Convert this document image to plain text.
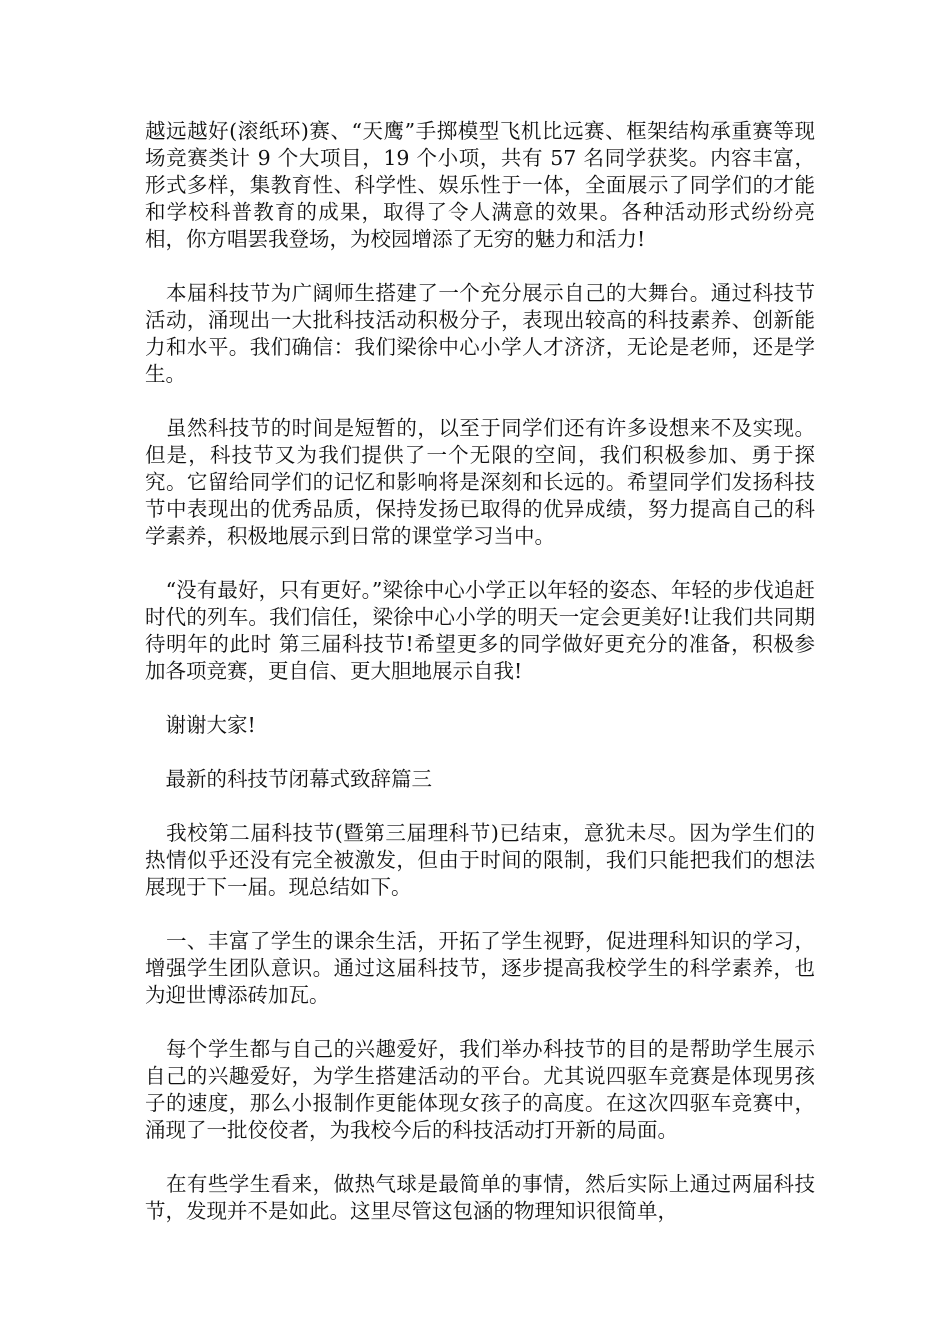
越远越好(滚纸环)赛、“天鹰”手掷模型飞机比远赛、框架结构承重赛等现场竞赛类计 9 个大项目，19 个小项，共有 57 名同学获奖。内容丰富，形式多样，集教育性、科学性、娱乐性于一体，全面展示了同学们的才能和学校科普教育的成果，取得了令人满意的效果。各种活动形式纷纷亮相，你方唱罢我登场，为校园增添了无穷的魅力和活力!

　本届科技节为广阔师生搭建了一个充分展示自己的大舞台。通过科技节活动，涌现出一大批科技活动积极分子，表现出较高的科技素养、创新能力和水平。我们确信：我们梁徐中心小学人才济济，无论是老师，还是学生。

　虽然科技节的时间是短暂的，以至于同学们还有许多设想来不及实现。但是，科技节又为我们提供了一个无限的空间，我们积极参加、勇于探究。它留给同学们的记忆和影响将是深刻和长远的。希望同学们发扬科技节中表现出的优秀品质，保持发扬已取得的优异成绩，努力提高自己的科学素养，积极地展示到日常的课堂学习当中。

　“没有最好，只有更好。”梁徐中心小学正以年轻的姿态、年轻的步伐追赶时代的列车。我们信任，梁徐中心小学的明天一定会更美好!让我们共同期待明年的此时 第三届科技节!希望更多的同学做好更充分的准备，积极参加各项竞赛，更自信、更大胆地展示自我!

　谢谢大家!

　最新的科技节闭幕式致辞篇三

　我校第二届科技节(暨第三届理科节)已结束，意犹未尽。因为学生们的热情似乎还没有完全被激发，但由于时间的限制，我们只能把我们的想法展现于下一届。现总结如下。

　一、丰富了学生的课余生活，开拓了学生视野，促进理科知识的学习，增强学生团队意识。通过这届科技节，逐步提高我校学生的科学素养，也为迎世博添砖加瓦。

　每个学生都与自己的兴趣爱好，我们举办科技节的目的是帮助学生展示自己的兴趣爱好，为学生搭建活动的平台。尤其说四驱车竞赛是体现男孩子的速度，那么小报制作更能体现女孩子的高度。在这次四驱车竞赛中，涌现了一批佼佼者，为我校今后的科技活动打开新的局面。

　在有些学生看来，做热气球是最简单的事情，然后实际上通过两届科技节，发现并不是如此。这里尽管这包涵的物理知识很简单，
